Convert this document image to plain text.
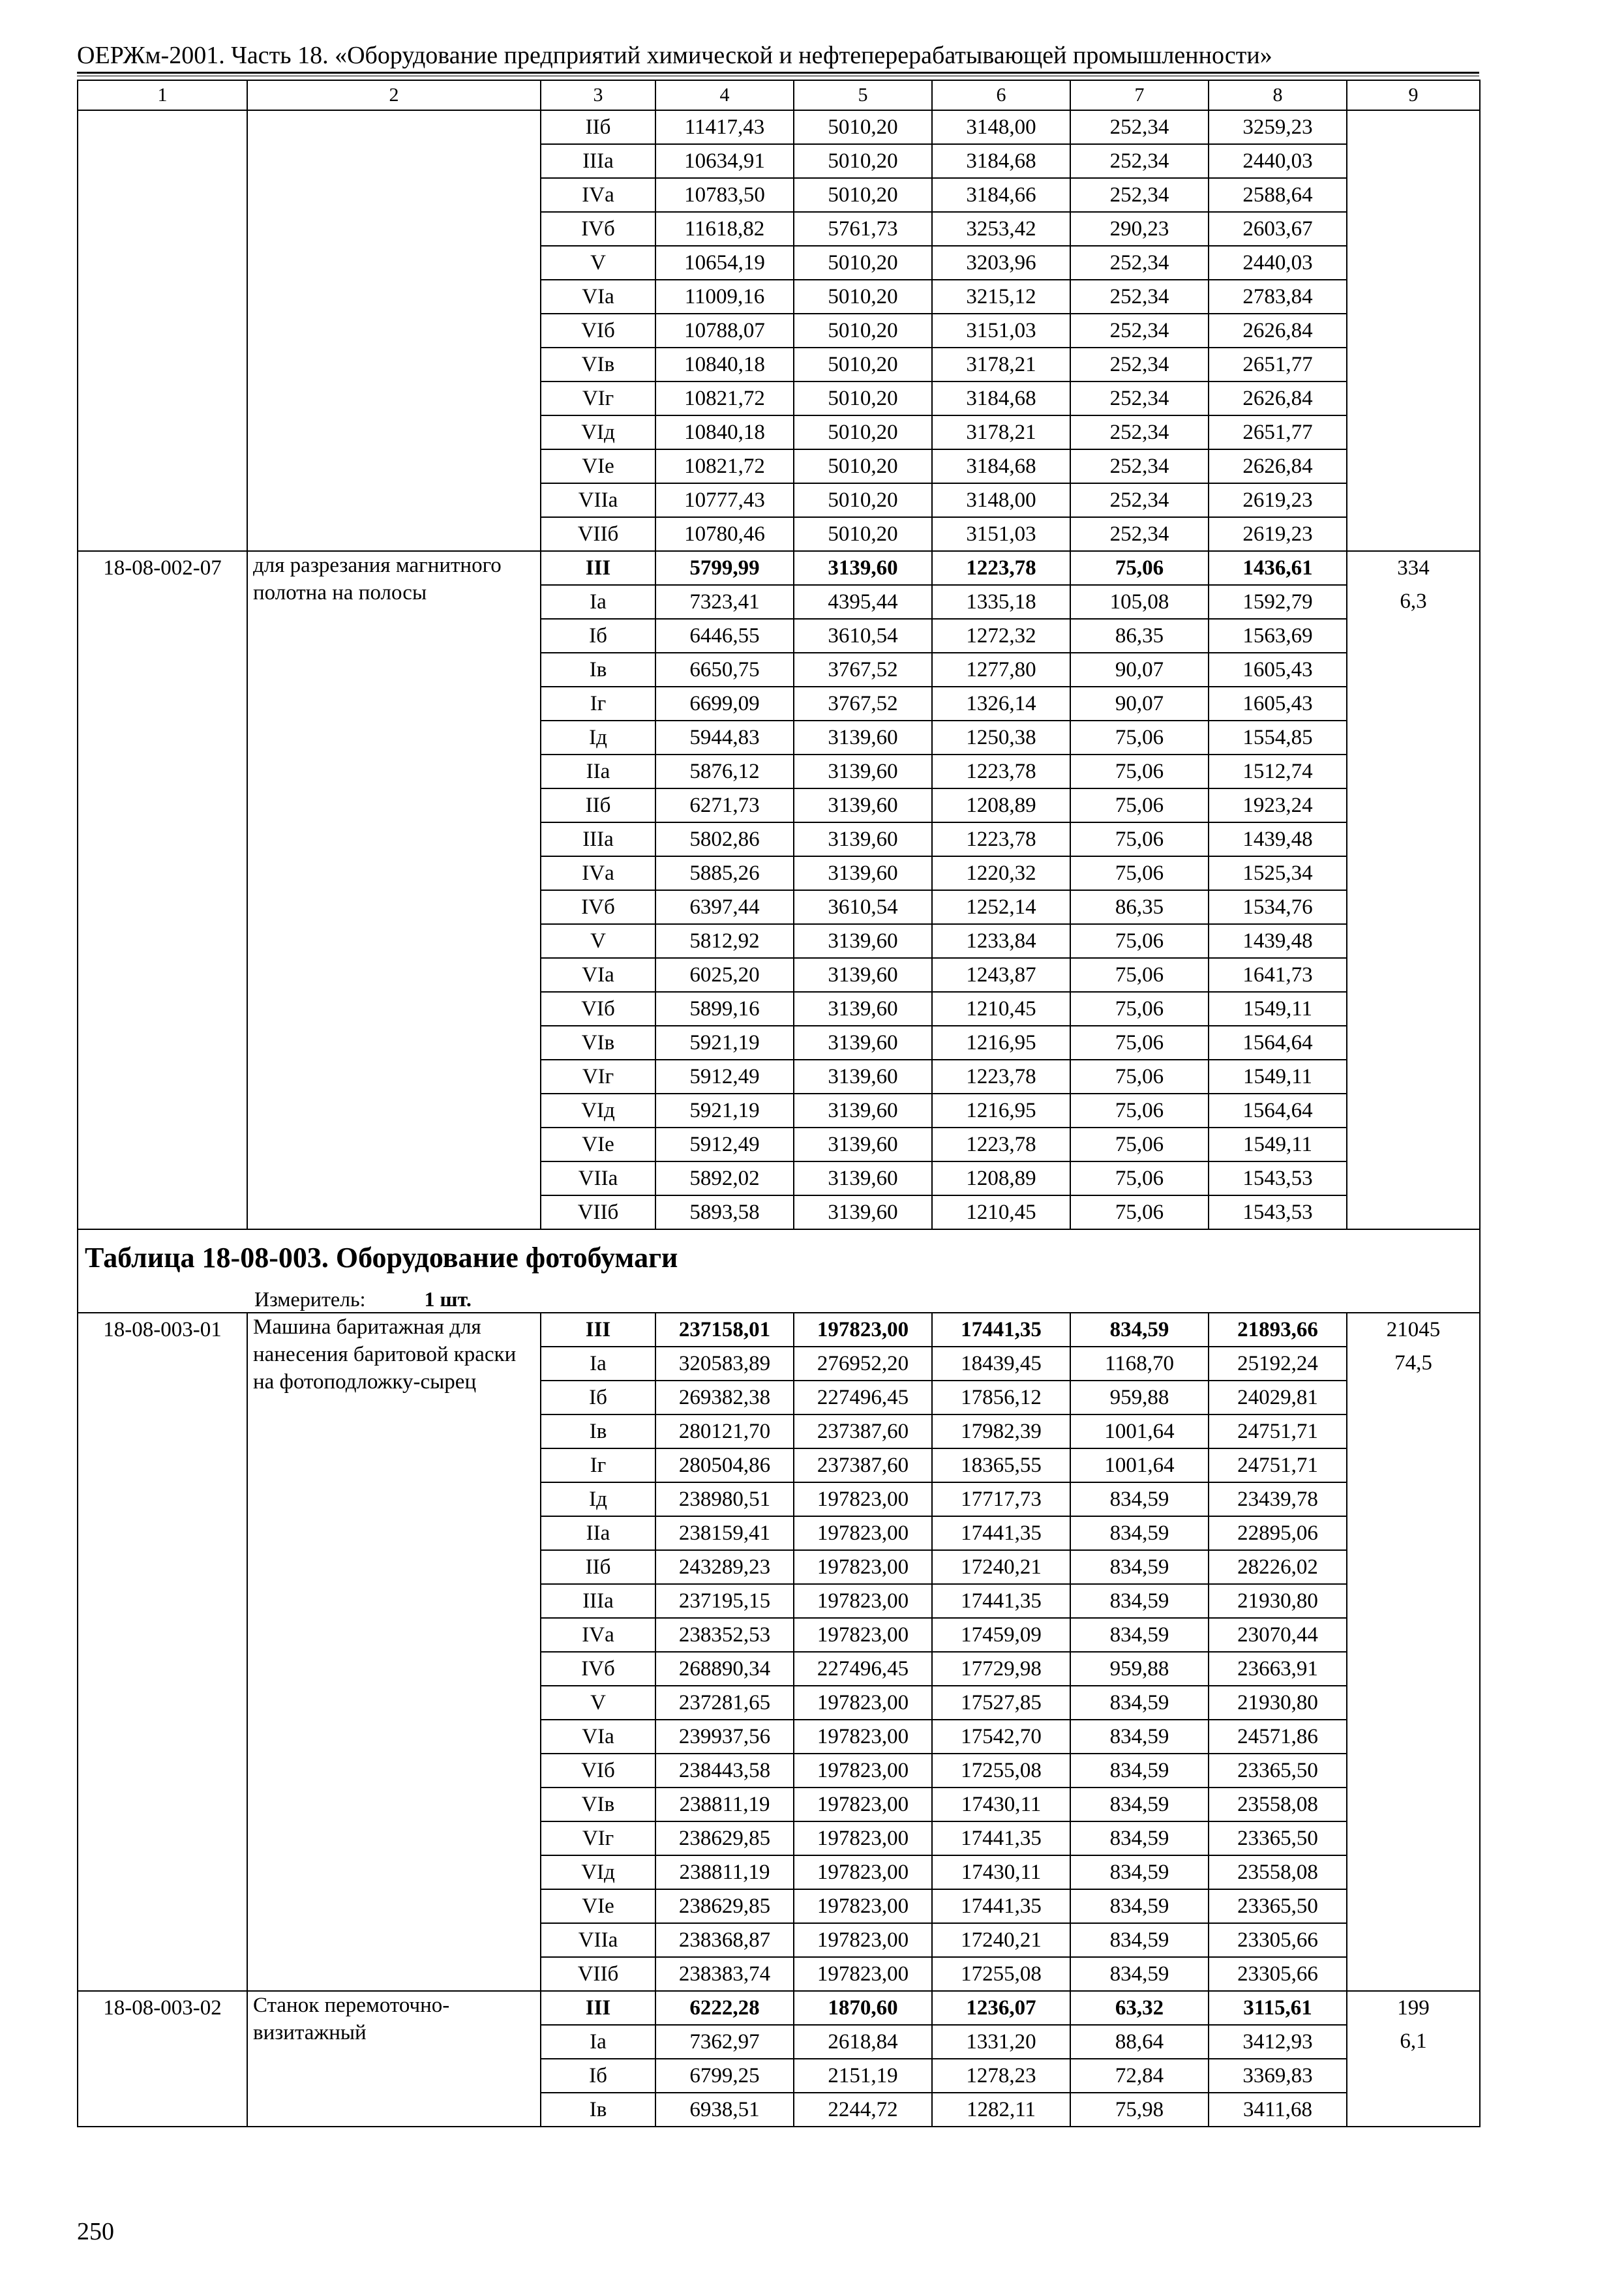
ОЕРЖм-2001. Часть 18. «Оборудование предприятий химической и нефтеперерабатывающей промышленности»
1	2	3	4	5	6	7	8	9
		IIб	11417,43	5010,20	3148,00	252,34	3259,23	
		IIIа	10634,91	5010,20	3184,68	252,34	2440,03	
		IVа	10783,50	5010,20	3184,66	252,34	2588,64	
		IVб	11618,82	5761,73	3253,42	290,23	2603,67	
		V	10654,19	5010,20	3203,96	252,34	2440,03	
		VIа	11009,16	5010,20	3215,12	252,34	2783,84	
		VIб	10788,07	5010,20	3151,03	252,34	2626,84	
		VIв	10840,18	5010,20	3178,21	252,34	2651,77	
		VIг	10821,72	5010,20	3184,68	252,34	2626,84	
		VIд	10840,18	5010,20	3178,21	252,34	2651,77	
		VIе	10821,72	5010,20	3184,68	252,34	2626,84	
		VIIа	10777,43	5010,20	3148,00	252,34	2619,23	
		VIIб	10780,46	5010,20	3151,03	252,34	2619,23	
18-08-002-07	для разрезания магнитного полотна на полосы	III	5799,99	3139,60	1223,78	75,06	1436,61	334
		Iа	7323,41	4395,44	1335,18	105,08	1592,79	6,3
		Iб	6446,55	3610,54	1272,32	86,35	1563,69	
		Iв	6650,75	3767,52	1277,80	90,07	1605,43	
		Iг	6699,09	3767,52	1326,14	90,07	1605,43	
		Iд	5944,83	3139,60	1250,38	75,06	1554,85	
		IIа	5876,12	3139,60	1223,78	75,06	1512,74	
		IIб	6271,73	3139,60	1208,89	75,06	1923,24	
		IIIа	5802,86	3139,60	1223,78	75,06	1439,48	
		IVа	5885,26	3139,60	1220,32	75,06	1525,34	
		IVб	6397,44	3610,54	1252,14	86,35	1534,76	
		V	5812,92	3139,60	1233,84	75,06	1439,48	
		VIа	6025,20	3139,60	1243,87	75,06	1641,73	
		VIб	5899,16	3139,60	1210,45	75,06	1549,11	
		VIв	5921,19	3139,60	1216,95	75,06	1564,64	
		VIг	5912,49	3139,60	1223,78	75,06	1549,11	
		VIд	5921,19	3139,60	1216,95	75,06	1564,64	
		VIе	5912,49	3139,60	1223,78	75,06	1549,11	
		VIIа	5892,02	3139,60	1208,89	75,06	1543,53	
		VIIб	5893,58	3139,60	1210,45	75,06	1543,53	
Таблица 18-08-003. Оборудование фотобумаги								
Измеритель: 1 шт.								
18-08-003-01	Машина баритажная для нанесения баритовой краски на фотоподложку-сырец	III	237158,01	197823,00	17441,35	834,59	21893,66	21045
		Iа	320583,89	276952,20	18439,45	1168,70	25192,24	74,5
		Iб	269382,38	227496,45	17856,12	959,88	24029,81	
		Iв	280121,70	237387,60	17982,39	1001,64	24751,71	
		Iг	280504,86	237387,60	18365,55	1001,64	24751,71	
		Iд	238980,51	197823,00	17717,73	834,59	23439,78	
		IIа	238159,41	197823,00	17441,35	834,59	22895,06	
		IIб	243289,23	197823,00	17240,21	834,59	28226,02	
		IIIа	237195,15	197823,00	17441,35	834,59	21930,80	
		IVа	238352,53	197823,00	17459,09	834,59	23070,44	
		IVб	268890,34	227496,45	17729,98	959,88	23663,91	
		V	237281,65	197823,00	17527,85	834,59	21930,80	
		VIа	239937,56	197823,00	17542,70	834,59	24571,86	
		VIб	238443,58	197823,00	17255,08	834,59	23365,50	
		VIв	238811,19	197823,00	17430,11	834,59	23558,08	
		VIг	238629,85	197823,00	17441,35	834,59	23365,50	
		VIд	238811,19	197823,00	17430,11	834,59	23558,08	
		VIе	238629,85	197823,00	17441,35	834,59	23365,50	
		VIIа	238368,87	197823,00	17240,21	834,59	23305,66	
		VIIб	238383,74	197823,00	17255,08	834,59	23305,66	
18-08-003-02	Станок перемоточно-визитажный	III	6222,28	1870,60	1236,07	63,32	3115,61	199
		Iа	7362,97	2618,84	1331,20	88,64	3412,93	6,1
		Iб	6799,25	2151,19	1278,23	72,84	3369,83	
		Iв	6938,51	2244,72	1282,11	75,98	3411,68	
250
